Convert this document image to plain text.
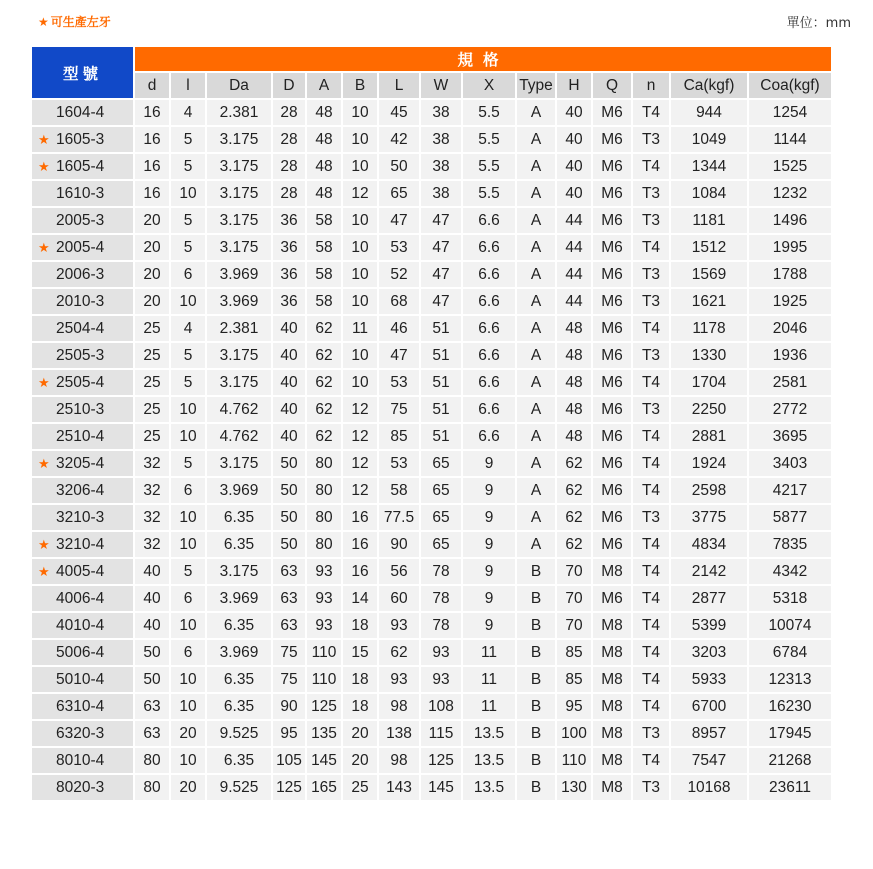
★ 可生產左牙	單位：mm
型號	規格														
	d	l	Da	D	A	B	L	W	X	Type	H	Q	n	Ca(kgf)	Coa(kgf)
1604-4	16	4	2.381	28	48	10	45	38	5.5	A	40	M6	T4	944	1254
★ 1605-3	16	5	3.175	28	48	10	42	38	5.5	A	40	M6	T3	1049	1144
★ 1605-4	16	5	3.175	28	48	10	50	38	5.5	A	40	M6	T4	1344	1525
1610-3	16	10	3.175	28	48	12	65	38	5.5	A	40	M6	T3	1084	1232
2005-3	20	5	3.175	36	58	10	47	47	6.6	A	44	M6	T3	1181	1496
★ 2005-4	20	5	3.175	36	58	10	53	47	6.6	A	44	M6	T4	1512	1995
2006-3	20	6	3.969	36	58	10	52	47	6.6	A	44	M6	T3	1569	1788
2010-3	20	10	3.969	36	58	10	68	47	6.6	A	44	M6	T3	1621	1925
2504-4	25	4	2.381	40	62	11	46	51	6.6	A	48	M6	T4	1178	2046
2505-3	25	5	3.175	40	62	10	47	51	6.6	A	48	M6	T3	1330	1936
★ 2505-4	25	5	3.175	40	62	10	53	51	6.6	A	48	M6	T4	1704	2581
2510-3	25	10	4.762	40	62	12	75	51	6.6	A	48	M6	T3	2250	2772
2510-4	25	10	4.762	40	62	12	85	51	6.6	A	48	M6	T4	2881	3695
★ 3205-4	32	5	3.175	50	80	12	53	65	9	A	62	M6	T4	1924	3403
3206-4	32	6	3.969	50	80	12	58	65	9	A	62	M6	T4	2598	4217
3210-3	32	10	6.35	50	80	16	77.5	65	9	A	62	M6	T3	3775	5877
★ 3210-4	32	10	6.35	50	80	16	90	65	9	A	62	M6	T4	4834	7835
★ 4005-4	40	5	3.175	63	93	16	56	78	9	B	70	M8	T4	2142	4342
4006-4	40	6	3.969	63	93	14	60	78	9	B	70	M6	T4	2877	5318
4010-4	40	10	6.35	63	93	18	93	78	9	B	70	M8	T4	5399	10074
5006-4	50	6	3.969	75	110	15	62	93	11	B	85	M8	T4	3203	6784
5010-4	50	10	6.35	75	110	18	93	93	11	B	85	M8	T4	5933	12313
6310-4	63	10	6.35	90	125	18	98	108	11	B	95	M8	T4	6700	16230
6320-3	63	20	9.525	95	135	20	138	115	13.5	B	100	M8	T3	8957	17945
8010-4	80	10	6.35	105	145	20	98	125	13.5	B	110	M8	T4	7547	21268
8020-3	80	20	9.525	125	165	25	143	145	13.5	B	130	M8	T3	10168	23611
